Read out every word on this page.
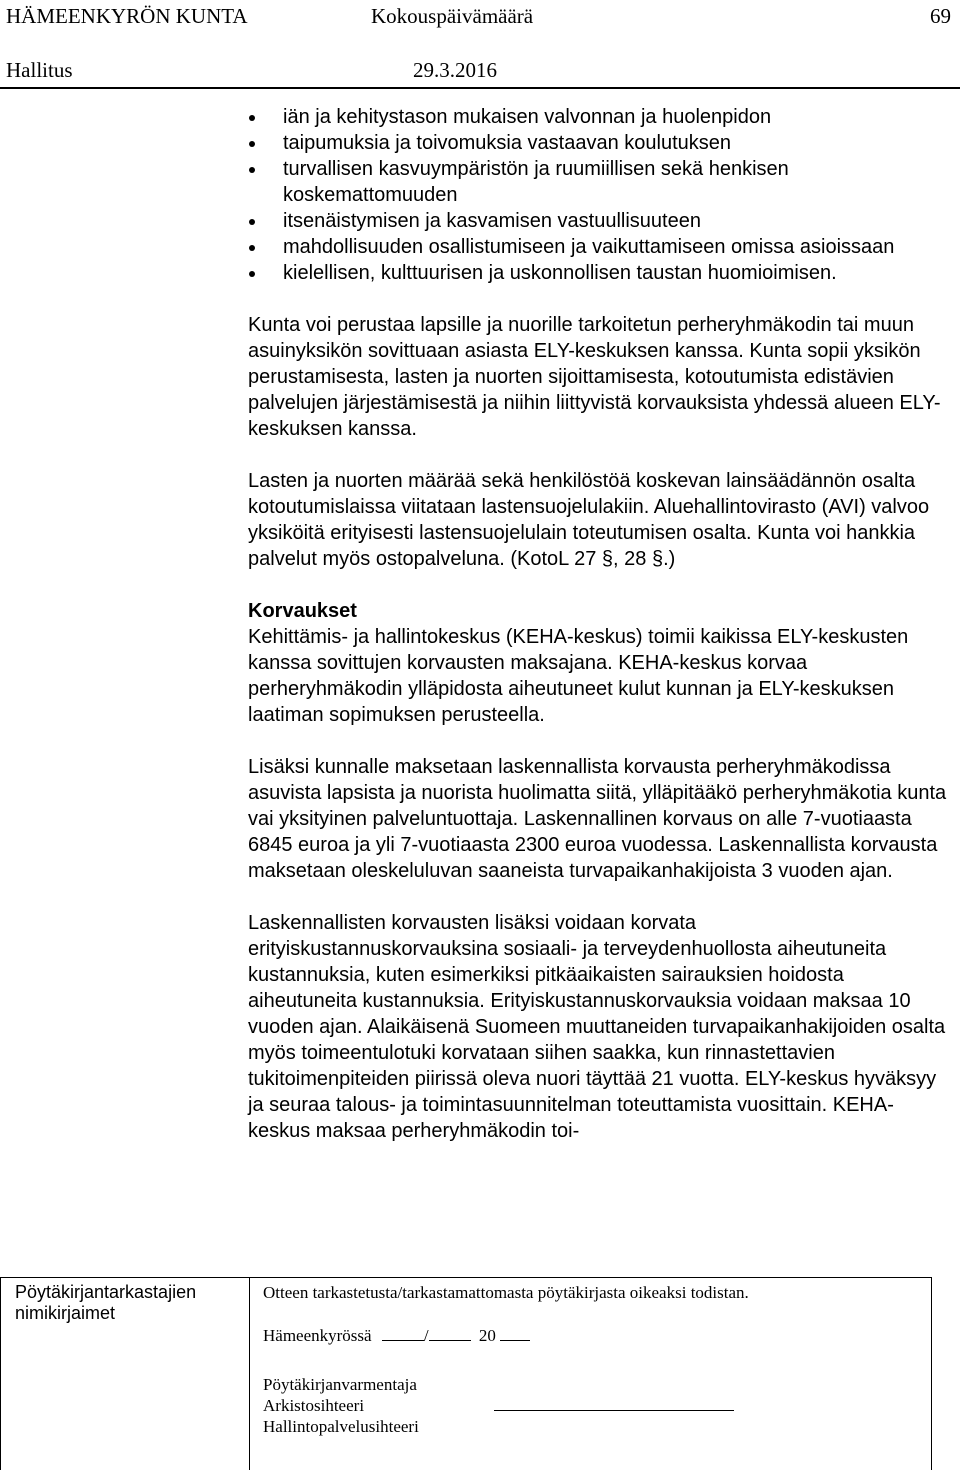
HÄMEENKYRÖN KUNTA	Kokouspäivämäärä	69
Hallitus	29.3.2016
iän ja kehitystason mukaisen valvonnan ja huolenpidon
taipumuksia ja toivomuksia vastaavan koulutuksen
turvallisen kasvuympäristön ja ruumiillisen sekä henkisen koskemattomuuden
itsenäistymisen ja kasvamisen vastuullisuuteen
mahdollisuuden osallistumiseen ja vaikuttamiseen omissa asioissaan
kielellisen, kulttuurisen ja uskonnollisen taustan huomioimisen.

Kunta voi perustaa lapsille ja nuorille tarkoitetun perheryhmäkodin tai muun asuinyksikön sovittuaan asiasta ELY-keskuksen kanssa. Kunta sopii yksikön perustamisesta, lasten ja nuorten sijoittamisesta, kotoutumista edistävien palvelujen järjestämisestä ja niihin liittyvistä korvauksista yhdessä alueen ELY-keskuksen kanssa.

Lasten ja nuorten määrää sekä henkilöstöä koskevan lainsäädännön osalta kotoutumislaissa viitataan lastensuojelulakiin. Aluehallintovirasto (AVI) valvoo yksiköitä erityisesti lastensuojelulain toteutumisen osalta. Kunta voi hankkia palvelut myös ostopalveluna. (KotoL 27 §, 28 §.)

Korvaukset

Kehittämis- ja hallintokeskus (KEHA-keskus) toimii kaikissa ELY-keskusten kanssa sovittujen korvausten maksajana. KEHA-keskus korvaa perheryhmäkodin ylläpidosta aiheutuneet kulut kunnan ja ELY-keskuksen laatiman sopimuksen perusteella.

Lisäksi kunnalle maksetaan laskennallista korvausta perheryhmäkodissa asuvista lapsista ja nuorista huolimatta siitä, ylläpitääkö perheryhmäkotia kunta vai yksityinen palveluntuottaja. Laskennallinen korvaus on alle 7-vuotiaasta 6845 euroa ja yli 7-vuotiaasta 2300 euroa vuodessa. Laskennallista korvausta maksetaan oleskeluluvan saaneista turvapaikanhakijoista 3 vuoden ajan.

Laskennallisten korvausten lisäksi voidaan korvata erityiskustannuskorvauksina sosiaali- ja terveydenhuollosta aiheutuneita kustannuksia, kuten esimerkiksi pitkäaikaisten sairauksien hoidosta aiheutuneita kustannuksia. Erityiskustannuskorvauksia voidaan maksaa 10 vuoden ajan. Alaikäisenä Suomeen muuttaneiden turvapaikanhakijoiden osalta myös toimeentulotuki korvataan siihen saakka, kun rinnastettavien tukitoimenpiteiden piirissä oleva nuori täyttää 21 vuotta. ELY-keskus hyväksyy ja seuraa talous- ja toimintasuunnitelman toteuttamista vuosittain. KEHA-keskus maksaa perheryhmäkodin toi-

Pöytäkirjantarkastajien nimikirjaimet
Otteen tarkastetusta/tarkastamattomasta pöytäkirjasta oikeaksi todistan.
Hämeenkyrössä	/	20
Pöytäkirjanvarmentaja
Arkistosihteeri
Hallintopalvelusihteeri
